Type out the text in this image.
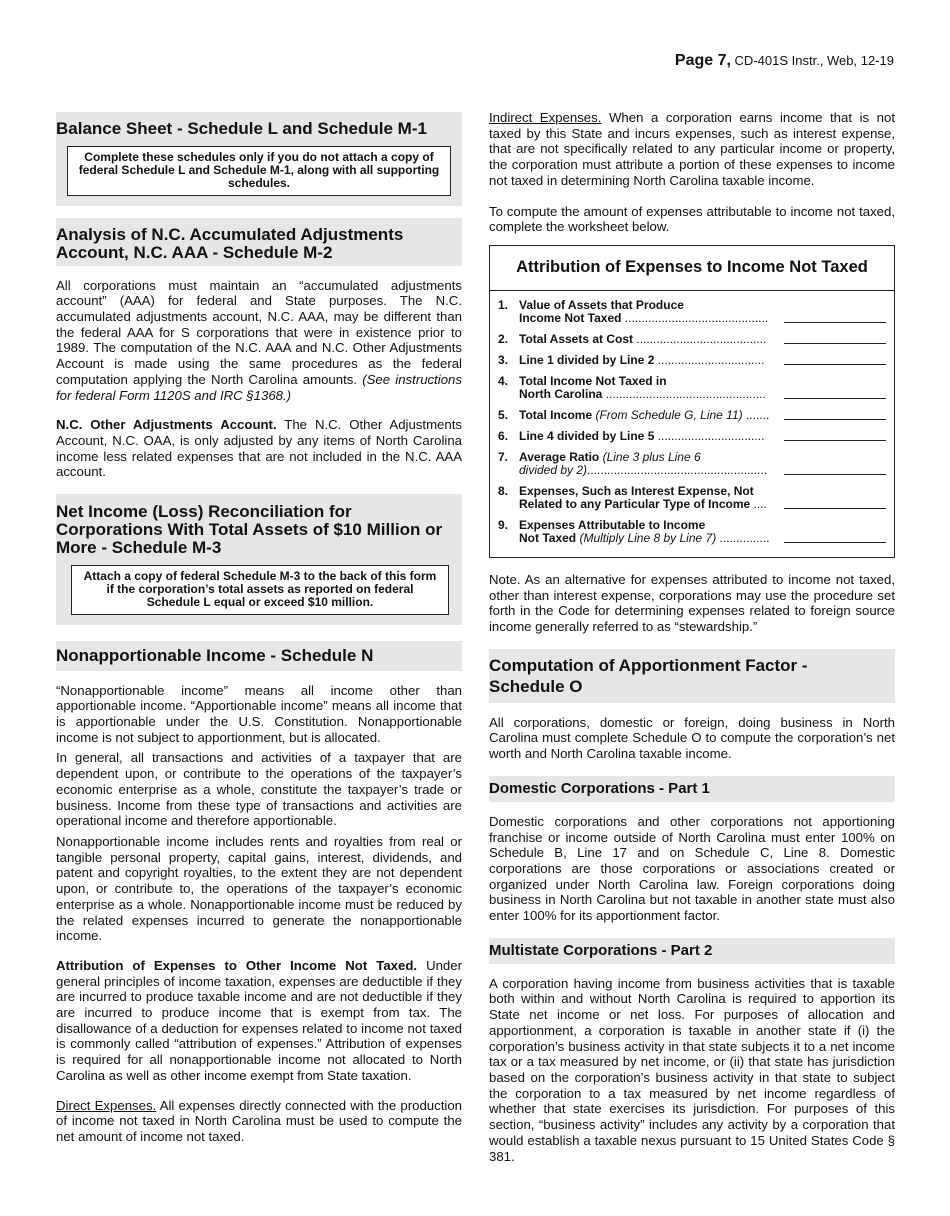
Page 7, CD-401S Instr., Web, 12-19
Balance Sheet - Schedule L and Schedule M-1
Complete these schedules only if you do not attach a copy of federal Schedule L and Schedule M-1, along with all supporting schedules.
Analysis of N.C. Accumulated Adjustments Account, N.C. AAA - Schedule M-2

All corporations must maintain an “accumulated adjustments account” (AAA) for federal and State purposes. The N.C. accumulated adjustments account, N.C. AAA, may be different than the federal AAA for S corporations that were in existence prior to 1989. The computation of the N.C. AAA and N.C. Other Adjustments Account is made using the same procedures as the federal computation applying the North Carolina amounts. (See instructions for federal Form 1120S and IRC §1368.)

N.C. Other Adjustments Account. The N.C. Other Adjustments Account, N.C. OAA, is only adjusted by any items of North Carolina income less related expenses that are not included in the N.C. AAA account.

Net Income (Loss) Reconciliation for Corporations With Total Assets of $10 Million or More - Schedule M-3
Attach a copy of federal Schedule M-3 to the back of this form if the corporation’s total assets as reported on federal Schedule L equal or exceed $10 million.
Nonapportionable Income - Schedule N

“Nonapportionable income” means all income other than apportionable income. “Apportionable income” means all income that is apportionable under the U.S. Constitution. Nonapportionable income is not subject to apportionment, but is allocated.

In general, all transactions and activities of a taxpayer that are dependent upon, or contribute to the operations of the taxpayer’s economic enterprise as a whole, constitute the taxpayer’s trade or business. Income from these type of transactions and activities are operational income and therefore apportionable.

Nonapportionable income includes rents and royalties from real or tangible personal property, capital gains, interest, dividends, and patent and copyright royalties, to the extent they are not dependent upon, or contribute to, the operations of the taxpayer’s economic enterprise as a whole. Nonapportionable income must be reduced by the related expenses incurred to generate the nonapportionable income.

Attribution of Expenses to Other Income Not Taxed. Under general principles of income taxation, expenses are deductible if they are incurred to produce taxable income and are not deductible if they are incurred to produce income that is exempt from tax. The disallowance of a deduction for expenses related to income not taxed is commonly called “attribution of expenses.” Attribution of expenses is required for all nonapportionable income not allocated to North Carolina as well as other income exempt from State taxation.

Direct Expenses. All expenses directly connected with the production of income not taxed in North Carolina must be used to compute the net amount of income not taxed.

Indirect Expenses. When a corporation earns income that is not taxed by this State and incurs expenses, such as interest expense, that are not specifically related to any particular income or property, the corporation must attribute a portion of these expenses to income not taxed in determining North Carolina taxable income.

To compute the amount of expenses attributable to income not taxed, complete the worksheet below.

Attribution of Expenses to Income Not Taxed
1. Value of Assets that Produce
Income Not Taxed ...........................................
2. Total Assets at Cost .......................................
3. Line 1 divided by Line 2 ................................
4. Total Income Not Taxed in
North Carolina ................................................
5. Total Income (From Schedule G, Line 11) .......
6. Line 4 divided by Line 5 ................................
7. Average Ratio (Line 3 plus Line 6
divided by 2)......................................................
8. Expenses, Such as Interest Expense, Not
Related to any Particular Type of Income ....
9. Expenses Attributable to Income
Not Taxed (Multiply Line 8 by Line 7) ...............

Note. As an alternative for expenses attributed to income not taxed, other than interest expense, corporations may use the procedure set forth in the Code for determining expenses related to foreign source income generally referred to as “stewardship.”

Computation of Apportionment Factor -
Schedule O

All corporations, domestic or foreign, doing business in North Carolina must complete Schedule O to compute the corporation’s net worth and North Carolina taxable income.

Domestic Corporations - Part 1

Domestic corporations and other corporations not apportioning franchise or income outside of North Carolina must enter 100% on Schedule B, Line 17 and on Schedule C, Line 8. Domestic corporations are those corporations or associations created or organized under North Carolina law. Foreign corporations doing business in North Carolina but not taxable in another state must also enter 100% for its apportionment factor.

Multistate Corporations - Part 2

A corporation having income from business activities that is taxable both within and without North Carolina is required to apportion its State net income or net loss. For purposes of allocation and apportionment, a corporation is taxable in another state if (i) the corporation’s business activity in that state subjects it to a net income tax or a tax measured by net income, or (ii) that state has jurisdiction based on the corporation’s business activity in that state to subject the corporation to a tax measured by net income regardless of whether that state exercises its jurisdiction. For purposes of this section, “business activity” includes any activity by a corporation that would establish a taxable nexus pursuant to 15 United States Code § 381.
